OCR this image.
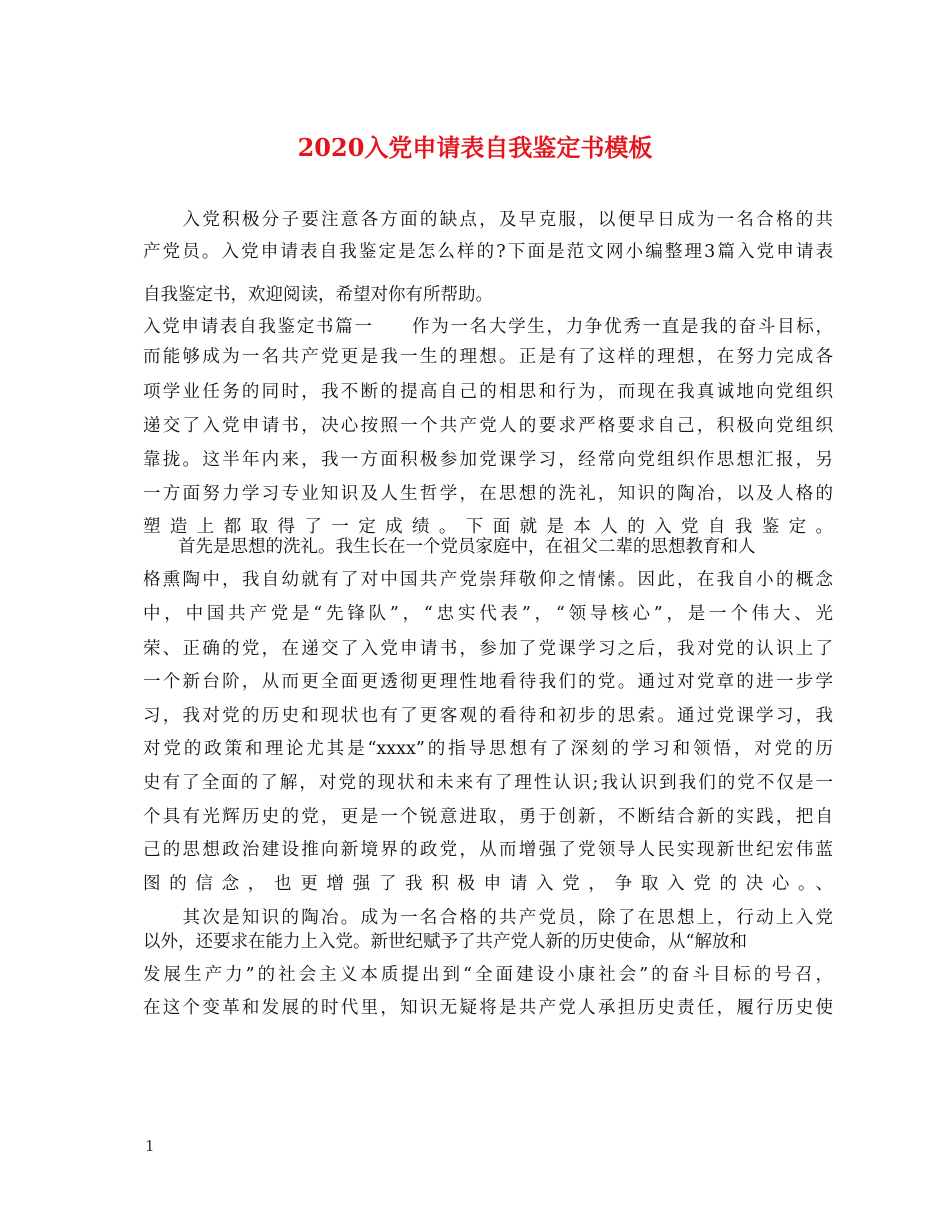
2020入党申请表自我鉴定书模板
　　入党积极分子要注意各方面的缺点，及早克服，以便早日成为一名合格的共
产党员。入党申请表自我鉴定是怎么样的?下面是范文网小编整理3篇入党申请表
自我鉴定书，欢迎阅读，希望对你有所帮助。
入党申请表自我鉴定书篇一　　作为一名大学生，力争优秀一直是我的奋斗目标，
而能够成为一名共产党更是我一生的理想。正是有了这样的理想，在努力完成各
项学业任务的同时，我不断的提高自己的相思和行为，而现在我真诚地向党组织
递交了入党申请书，决心按照一个共产党人的要求严格要求自己，积极向党组织
靠拢。这半年内来，我一方面积极参加党课学习，经常向党组织作思想汇报，另
一方面努力学习专业知识及人生哲学，在思想的洗礼，知识的陶冶，以及人格的
塑造上都取得了一定成绩。下面就是本人的入党自我鉴定。
　　首先是思想的洗礼。我生长在一个党员家庭中，在祖父二辈的思想教育和人
格熏陶中，我自幼就有了对中国共产党崇拜敬仰之情愫。因此，在我自小的概念
中，中国共产党是“先锋队”，“忠实代表”，“领导核心”，是一个伟大、光
荣、正确的党，在递交了入党申请书，参加了党课学习之后，我对党的认识上了
一个新台阶，从而更全面更透彻更理性地看待我们的党。通过对党章的进一步学
习，我对党的历史和现状也有了更客观的看待和初步的思索。通过党课学习，我
对党的政策和理论尤其是“xxxx”的指导思想有了深刻的学习和领悟，对党的历
史有了全面的了解，对党的现状和未来有了理性认识;我认识到我们的党不仅是一
个具有光辉历史的党，更是一个锐意进取，勇于创新，不断结合新的实践，把自
己的思想政治建设推向新境界的政党，从而增强了党领导人民实现新世纪宏伟蓝
图的信念，也更增强了我积极申请入党，争取入党的决心。、
　　其次是知识的陶冶。成为一名合格的共产党员，除了在思想上，行动上入党
以外，还要求在能力上入党。新世纪赋予了共产党人新的历史使命，从“解放和
发展生产力”的社会主义本质提出到“全面建设小康社会”的奋斗目标的号召，
在这个变革和发展的时代里，知识无疑将是共产党人承担历史责任，履行历史使
1
